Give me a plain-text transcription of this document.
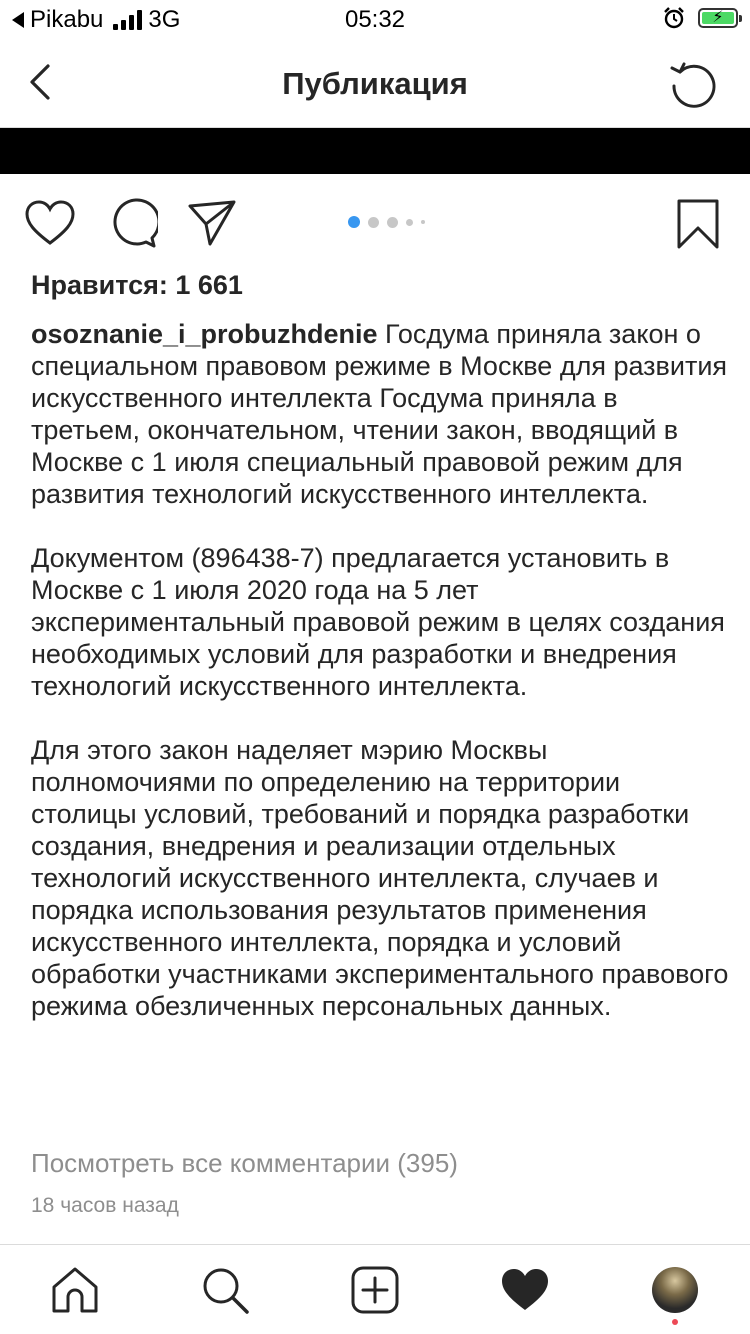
Pikabu 3G	05:32	⚡
Публикация
Нравится: 1 661

osoznanie_i_probuzhdenie Госдума приняла закон о специальном правовом режиме в Москве для развития искусственного интеллекта Госдума приняла в третьем, окончательном, чтении закон, вводящий в Москве с 1 июля специальный правовой режим для развития технологий искусственного интеллекта.

Документом (896438-7) предлагается установить в Москве с 1 июля 2020 года на 5 лет экспериментальный правовой режим в целях создания необходимых условий для разработки и внедрения технологий искусственного интеллекта.

Для этого закон наделяет мэрию Москвы полномочиями по определению на территории столицы условий, требований и порядка разработки создания, внедрения и реализации отдельных технологий искусственного интеллекта, случаев и порядка использования результатов применения искусственного интеллекта, порядка и условий обработки участниками экспериментального правового режима обезличенных персональных данных.

Посмотреть все комментарии (395)
18 часов назад
